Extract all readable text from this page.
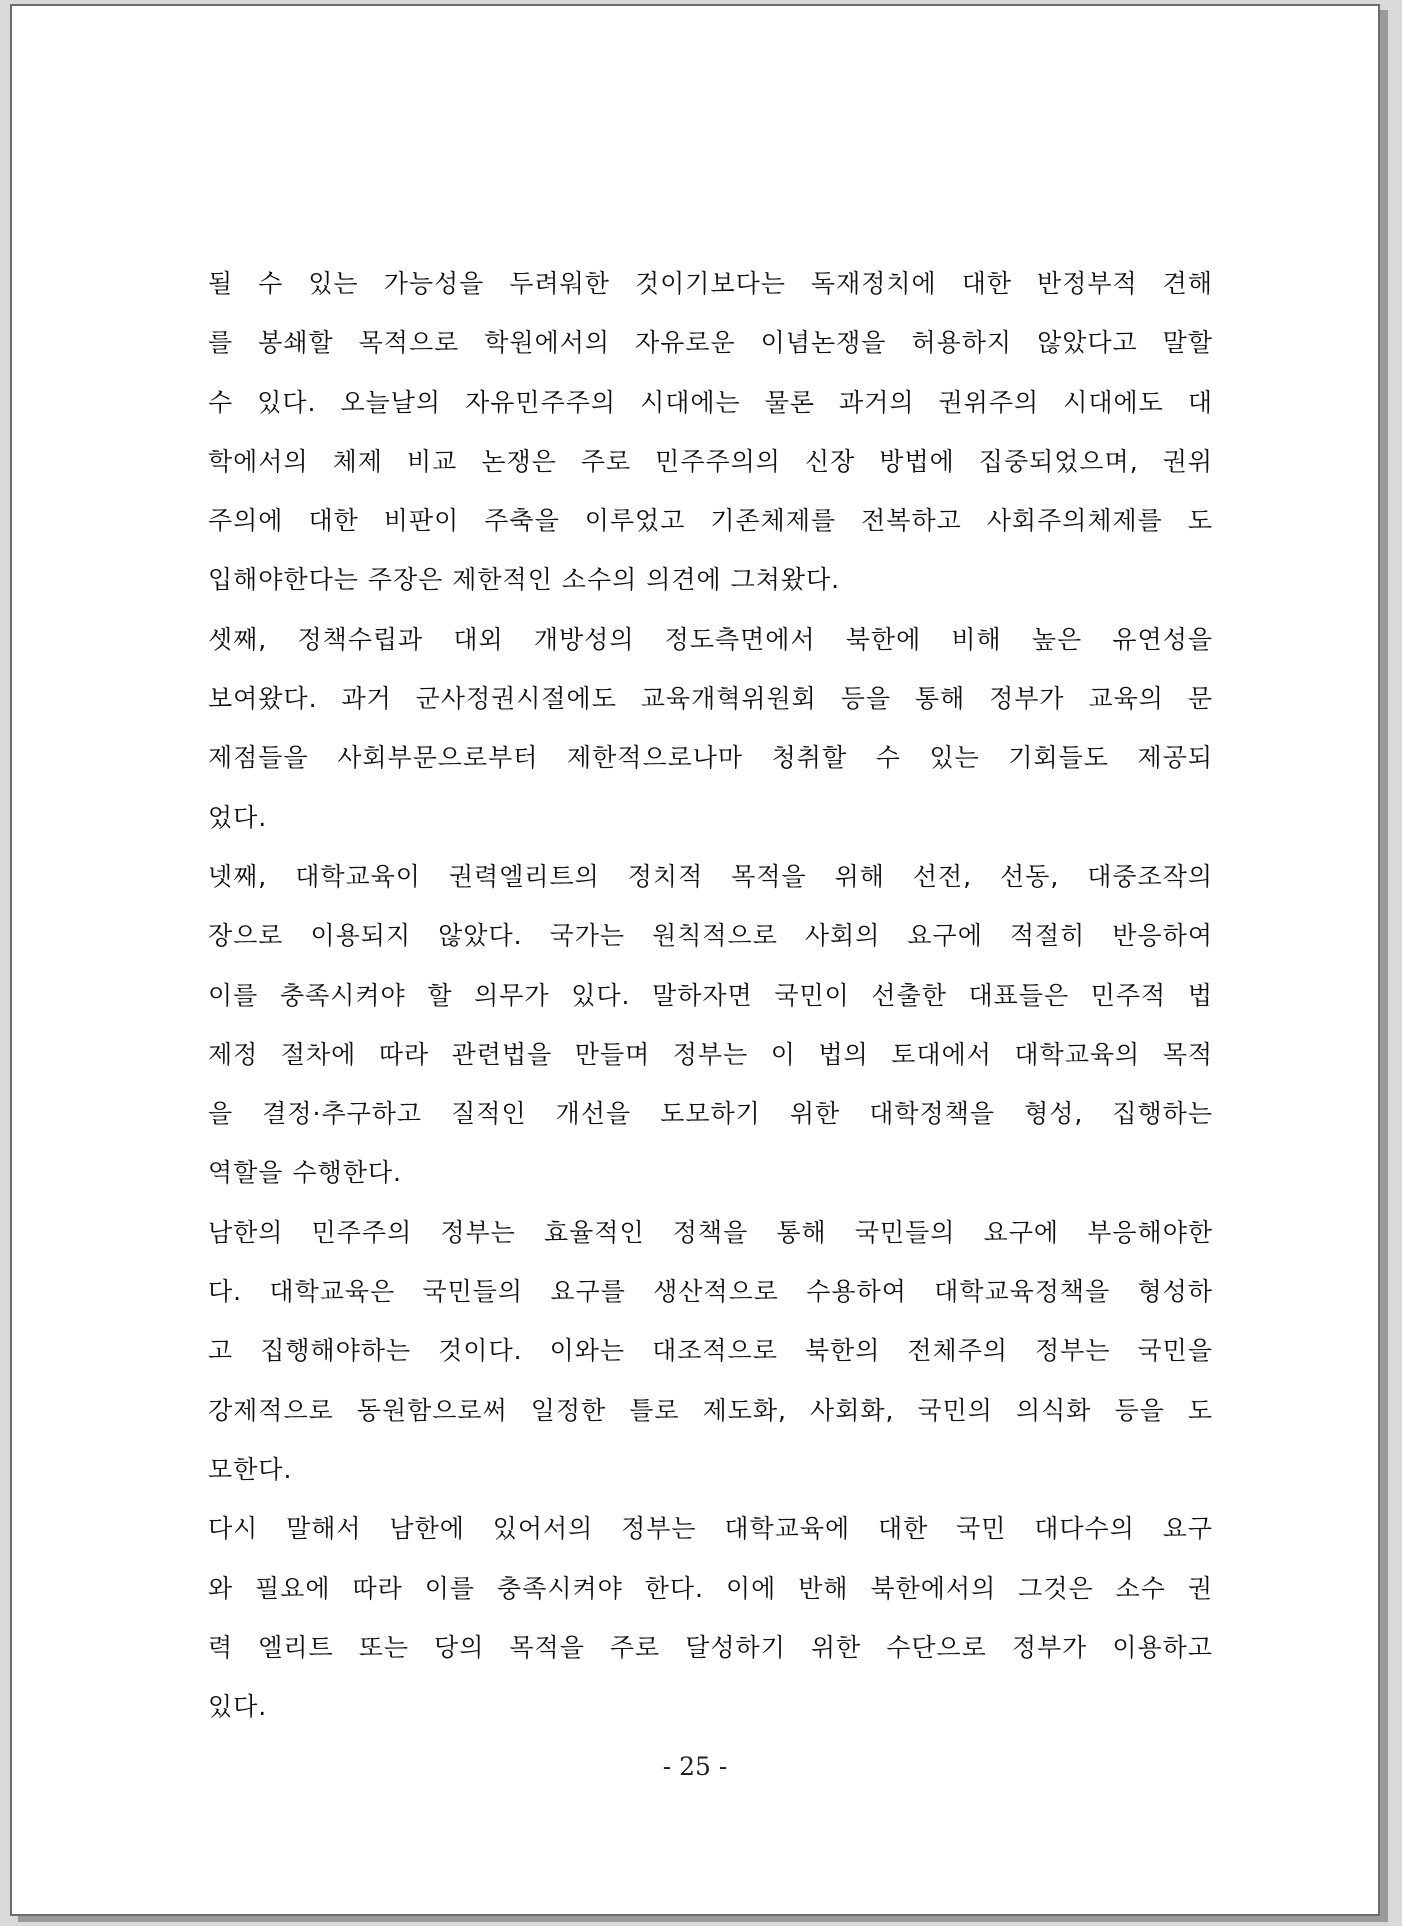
될 수 있는 가능성을 두려워한 것이기보다는 독재정치에 대한 반정부적 견해
를 봉쇄할 목적으로 학원에서의 자유로운 이념논쟁을 허용하지 않았다고 말할
수 있다. 오늘날의 자유민주주의 시대에는 물론 과거의 권위주의 시대에도 대
학에서의 체제 비교 논쟁은 주로 민주주의의 신장 방법에 집중되었으며, 권위
주의에 대한 비판이 주축을 이루었고 기존체제를 전복하고 사회주의체제를 도
입해야한다는 주장은 제한적인 소수의 의견에 그쳐왔다.
셋째, 정책수립과 대외 개방성의 정도측면에서 북한에 비해 높은 유연성을
보여왔다. 과거 군사정권시절에도 교육개혁위원회 등을 통해 정부가 교육의 문
제점들을 사회부문으로부터 제한적으로나마 청취할 수 있는 기회들도 제공되
었다.
넷째, 대학교육이 권력엘리트의 정치적 목적을 위해 선전, 선동, 대중조작의
장으로 이용되지 않았다. 국가는 원칙적으로 사회의 요구에 적절히 반응하여
이를 충족시켜야 할 의무가 있다. 말하자면 국민이 선출한 대표들은 민주적 법
제정 절차에 따라 관련법을 만들며 정부는 이 법의 토대에서 대학교육의 목적
을 결정·추구하고 질적인 개선을 도모하기 위한 대학정책을 형성, 집행하는
역할을 수행한다.
남한의 민주주의 정부는 효율적인 정책을 통해 국민들의 요구에 부응해야한
다. 대학교육은 국민들의 요구를 생산적으로 수용하여 대학교육정책을 형성하
고 집행해야하는 것이다. 이와는 대조적으로 북한의 전체주의 정부는 국민을
강제적으로 동원함으로써 일정한 틀로 제도화, 사회화, 국민의 의식화 등을 도
모한다.
다시 말해서 남한에 있어서의 정부는 대학교육에 대한 국민 대다수의 요구
와 필요에 따라 이를 충족시켜야 한다. 이에 반해 북한에서의 그것은 소수 권
력 엘리트 또는 당의 목적을 주로 달성하기 위한 수단으로 정부가 이용하고
있다.
- 25 -
